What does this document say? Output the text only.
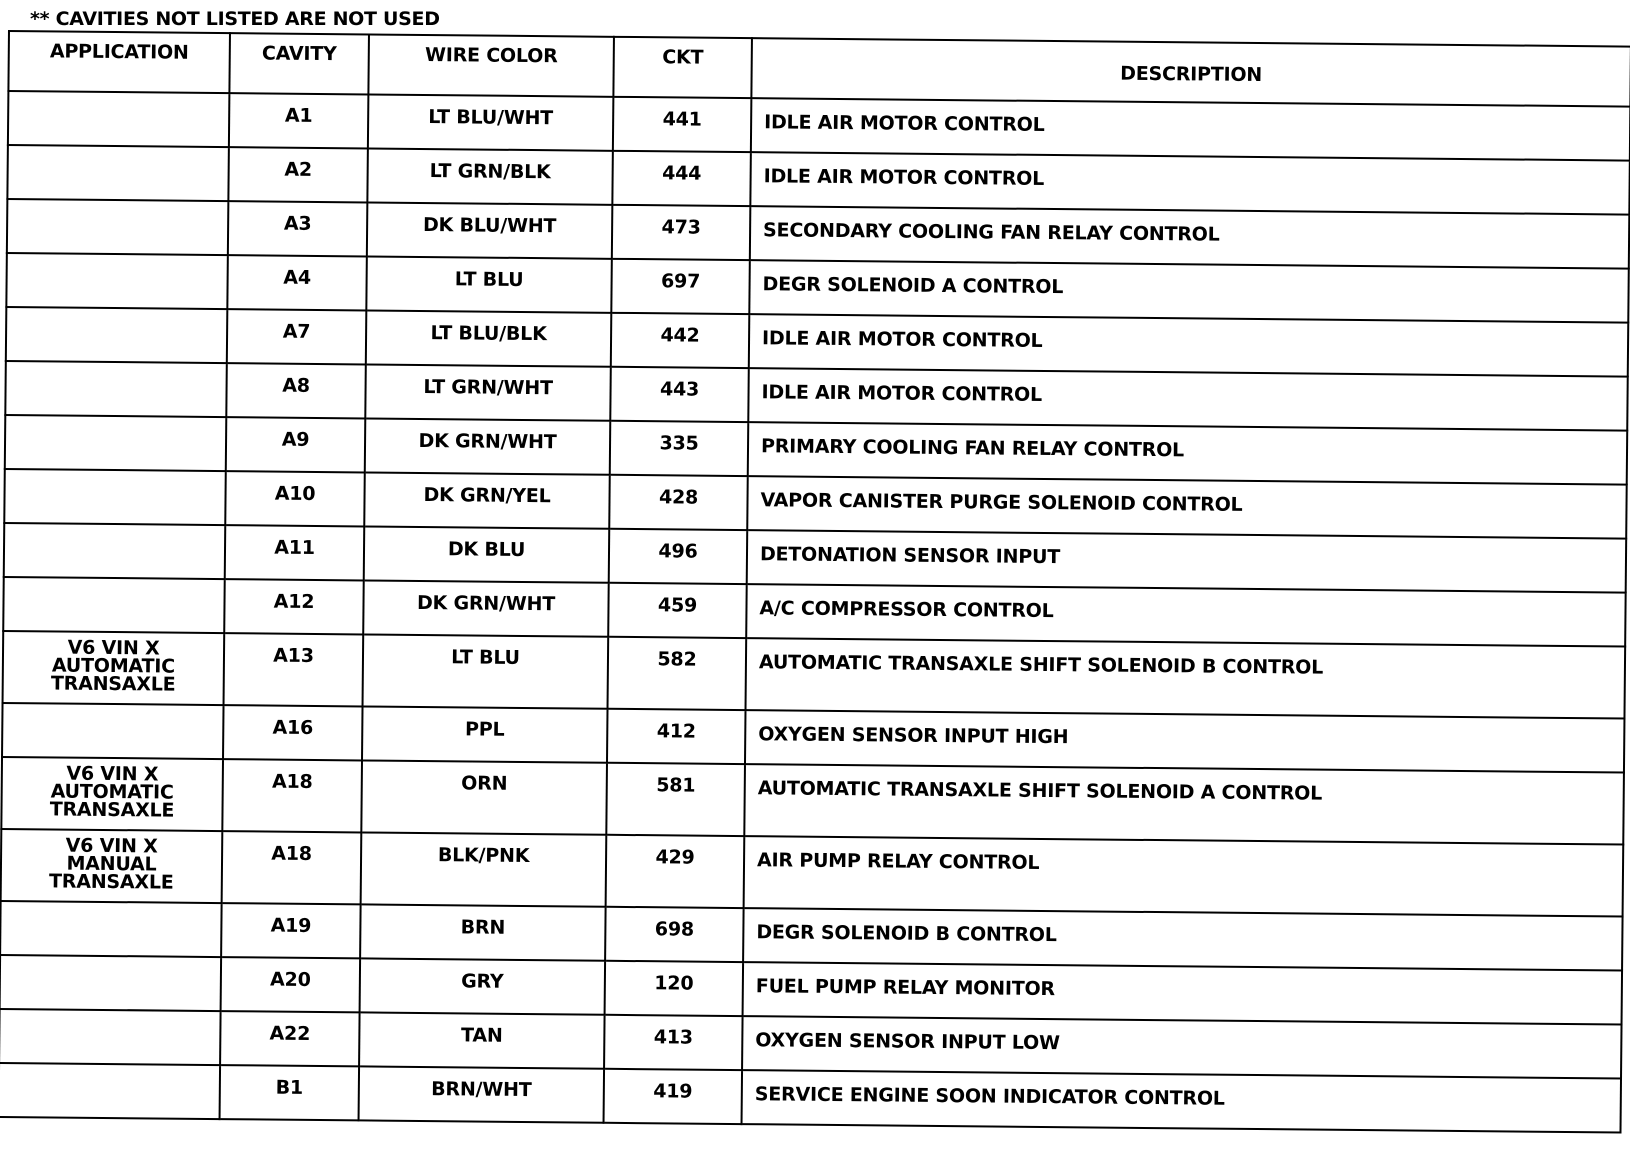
** CAVITIES NOT LISTED ARE NOT USED
APPLICATION	CAVITY	WIRE COLOR	CKT	DESCRIPTION
	A1	LT BLU/WHT	441	IDLE AIR MOTOR CONTROL
	A2	LT GRN/BLK	444	IDLE AIR MOTOR CONTROL
	A3	DK BLU/WHT	473	SECONDARY COOLING FAN RELAY CONTROL
	A4	LT BLU	697	DEGR SOLENOID A CONTROL
	A7	LT BLU/BLK	442	IDLE AIR MOTOR CONTROL
	A8	LT GRN/WHT	443	IDLE AIR MOTOR CONTROL
	A9	DK GRN/WHT	335	PRIMARY COOLING FAN RELAY CONTROL
	A10	DK GRN/YEL	428	VAPOR CANISTER PURGE SOLENOID CONTROL
	A11	DK BLU	496	DETONATION SENSOR INPUT
	A12	DK GRN/WHT	459	A/C COMPRESSOR CONTROL

V6 VIN X
AUTOMATIC
TRANSAXLE	A13	LT BLU	582	AUTOMATIC TRANSAXLE SHIFT SOLENOID B CONTROL
	A16	PPL	412	OXYGEN SENSOR INPUT HIGH

V6 VIN X
AUTOMATIC
TRANSAXLE	A18	ORN	581	AUTOMATIC TRANSAXLE SHIFT SOLENOID A CONTROL

V6 VIN X
MANUAL
TRANSAXLE	A18	BLK/PNK	429	AIR PUMP RELAY CONTROL
	A19	BRN	698	DEGR SOLENOID B CONTROL
	A20	GRY	120	FUEL PUMP RELAY MONITOR
	A22	TAN	413	OXYGEN SENSOR INPUT LOW
	B1	BRN/WHT	419	SERVICE ENGINE SOON INDICATOR CONTROL
